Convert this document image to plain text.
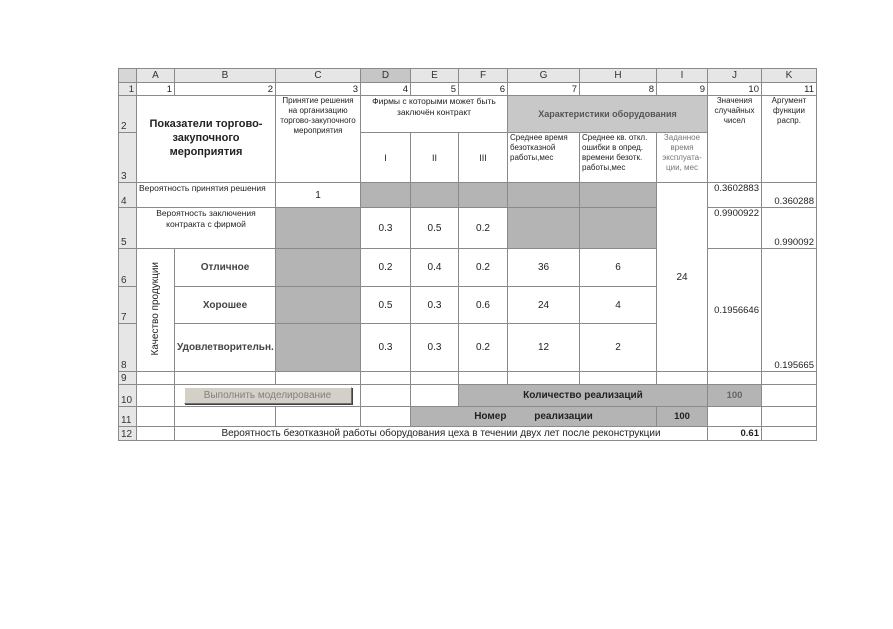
	A	B	C	D	E	F	G	H	I	J	K	
1	1	2	3	4	5	6	7	8	9	10	11	
2	Показатели торгово-закупочного мероприятия		Принятие решения на организацию торгово-закупочного мероприятия	Фирмы с которыми может быть заключён контракт			Характеристики оборудования			Значения случайных чисел	Аргумент функции распр.	
3				I	II	III	Среднее время безотказной работы,мес	Среднее кв. откл. ошибки в опред. времени безотк. работы,мес	Заданное время эксплуата-ции, мес			
4	Вероятность принятия решения		1						24	0.3602883	0.360288	
5	Вероятность заключения контракта с фирмой			0.3	0.5	0.2				0.9900922	0.990092	
6	Качество продукции	Отличное		0.2	0.4	0.2	36	6		0.1956646	0.195665	
7		Хорошее		0.5	0.3	0.6	24	4				
8		Удовлетворительн.		0.3	0.3	0.2	12	2				
9												
10		Выполнить моделирование				Количество реализаций				100		
11					Номер          реализации				100			
12		Вероятность безотказной работы оборудования цеха в течении двух лет после реконструкции								0.61		
